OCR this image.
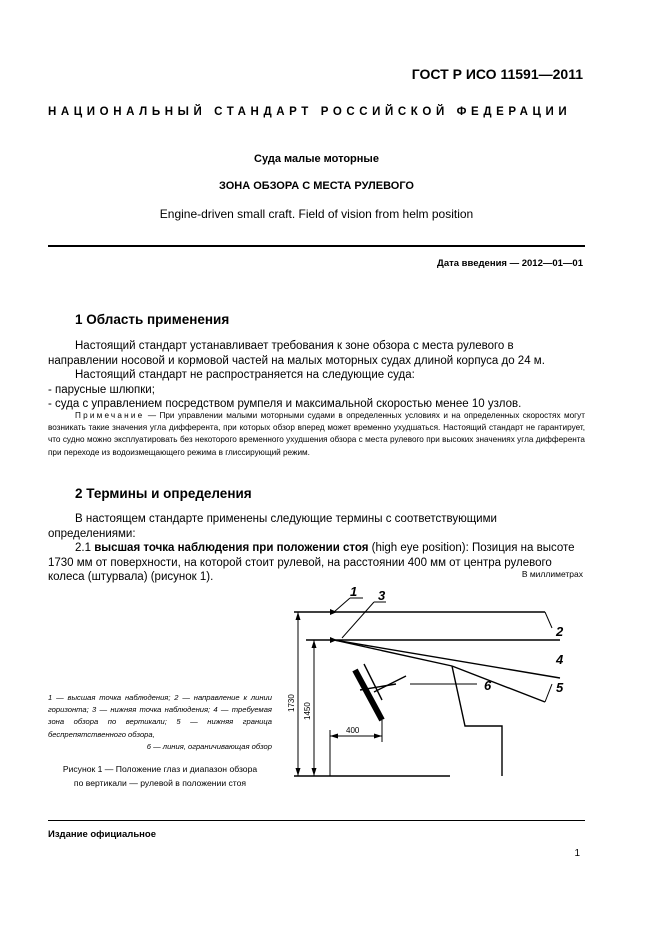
ГОСТ Р ИСО 11591—2011
НАЦИОНАЛЬНЫЙ СТАНДАРТ РОССИЙСКОЙ ФЕДЕРАЦИИ
Суда малые моторные
ЗОНА ОБЗОРА С МЕСТА РУЛЕВОГО
Engine-driven small craft. Field of vision from helm position
Дата введения — 2012—01—01
1 Область применения

Настоящий стандарт устанавливает требования к зоне обзора с места рулевого в направлении носовой и кормовой частей на малых моторных судах длиной корпуса до 24 м.

Настоящий стандарт не распространяется на следующие суда:

- парусные шлюпки;

- суда с управлением посредством румпеля и максимальной скоростью менее 10 узлов.

Примечание — При управлении малыми моторными судами в определенных условиях и на определенных скоростях могут возникать такие значения угла дифферента, при которых обзор вперед может временно ухудшаться. Настоящий стандарт не гарантирует, что судно можно эксплуатировать без некоторого временного ухудшения обзора с места рулевого при высоких значениях угла дифферента при переходе из водоизмещающего режима в глиссирующий режим.

2 Термины и определения

В настоящем стандарте применены следующие термины с соответствующими определениями:

2.1 высшая точка наблюдения при положении стоя (high eye position): Позиция на высоте 1730 мм от поверхности, на которой стоит рулевой, на расстоянии 400 мм от центра рулевого колеса (штурвала) (рисунок 1).	В миллиметрах
1 3
2
4
5
6
1730 1450
400
1 — высшая точка наблюдения; 2 — направление к линии горизонта; 3 — нижняя точка наблюдения; 4 — требуемая зона обзора по вертикали; 5 — нижняя граница беспрепятственного обзора,
6 — линия, ограничивающая обзор
Рисунок 1 — Положение глаз и диапазон обзора
по вертикали — рулевой в положении стоя
Издание официальное
1
